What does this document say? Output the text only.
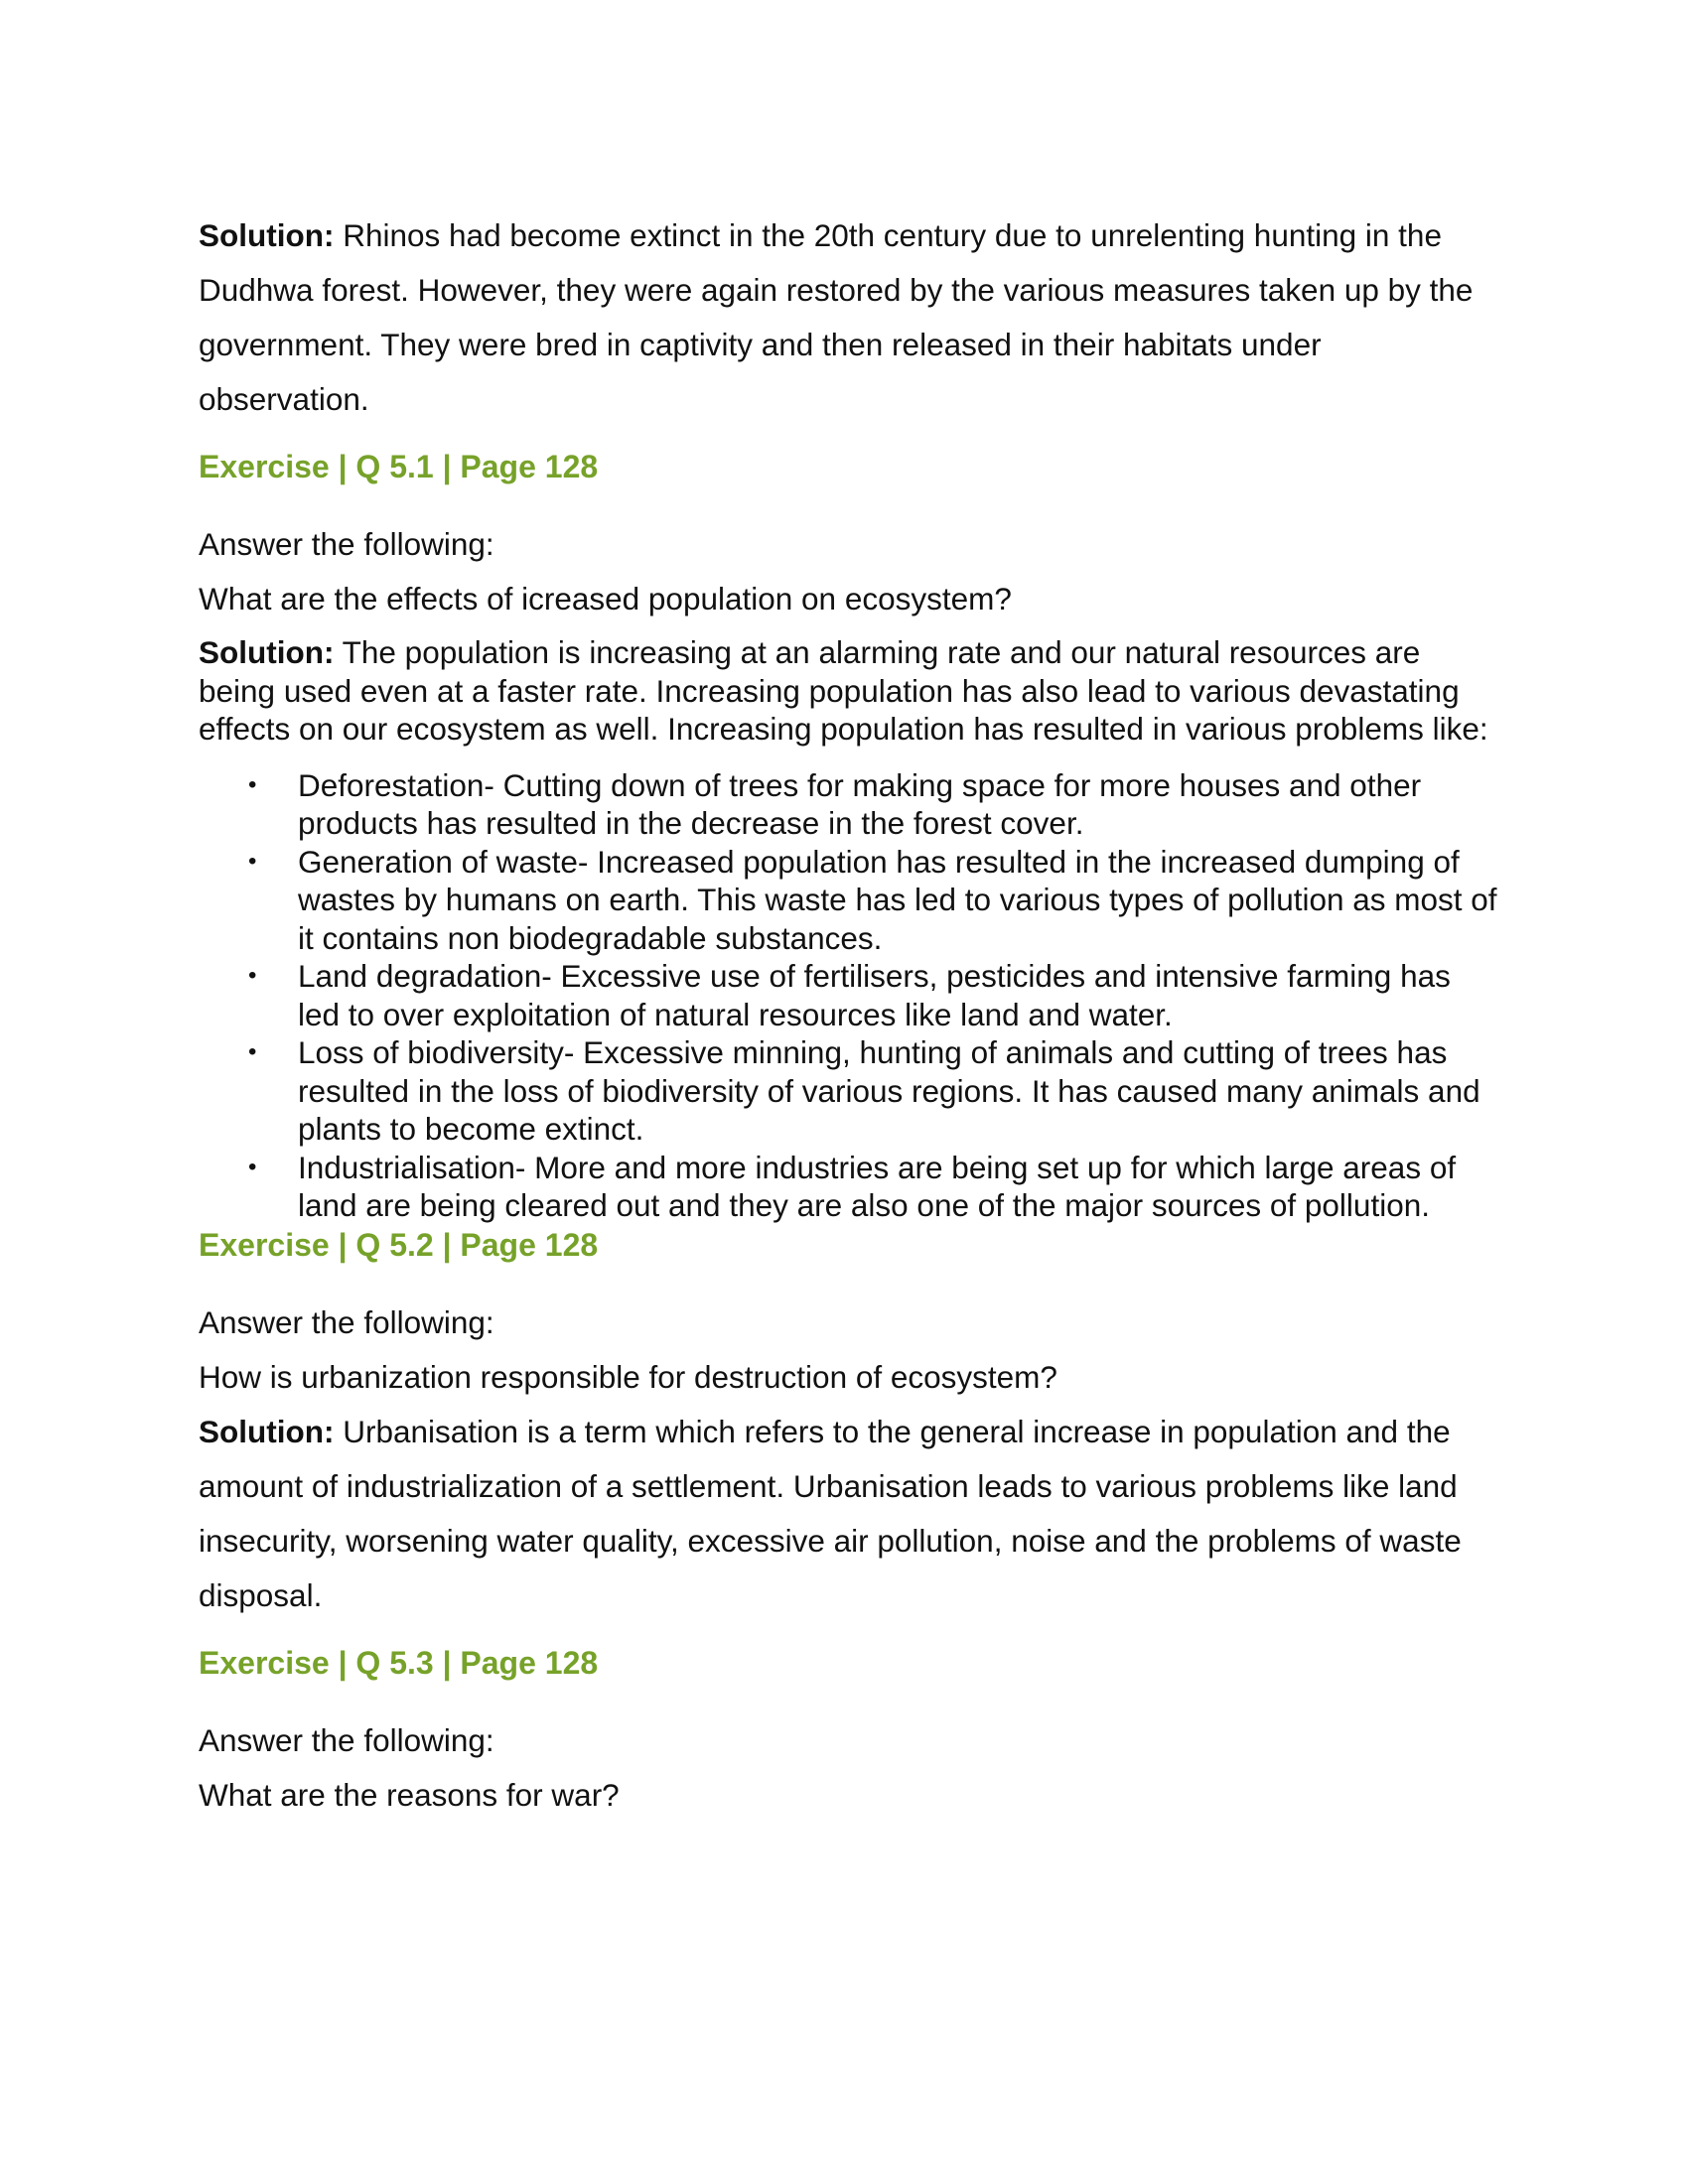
Solution: Rhinos had become extinct in the 20th century due to unrelenting hunting in the Dudhwa forest. However, they were again restored by the various measures taken up by the government. They were bred in captivity and then released in their habitats under observation.

Exercise | Q 5.1 | Page 128

Answer the following:

What are the effects of icreased population on ecosystem?

Solution: The population is increasing at an alarming rate and our natural resources are being used even at a faster rate. Increasing population has also lead to various devastating effects on our ecosystem as well. Increasing population has resulted in various problems like:

• Deforestation- Cutting down of trees for making space for more houses and other products has resulted in the decrease in the forest cover.
• Generation of waste- Increased population has resulted in the increased dumping of wastes by humans on earth. This waste has led to various types of pollution as most of it contains non biodegradable substances.
• Land degradation- Excessive use of fertilisers, pesticides and intensive farming has led to over exploitation of natural resources like land and water.
• Loss of biodiversity- Excessive minning, hunting of animals and cutting of trees has resulted in the loss of biodiversity of various regions. It has caused many animals and plants to become extinct.
• Industrialisation- More and more industries are being set up for which large areas of land are being cleared out and they are also one of the major sources of pollution.

Exercise | Q 5.2 | Page 128

Answer the following:

How is urbanization responsible for destruction of ecosystem?

Solution: Urbanisation is a term which refers to the general increase in population and the amount of industrialization of a settlement. Urbanisation leads to various problems like land insecurity, worsening water quality, excessive air pollution, noise and the problems of waste disposal.

Exercise | Q 5.3 | Page 128

Answer the following:

What are the reasons for war?
